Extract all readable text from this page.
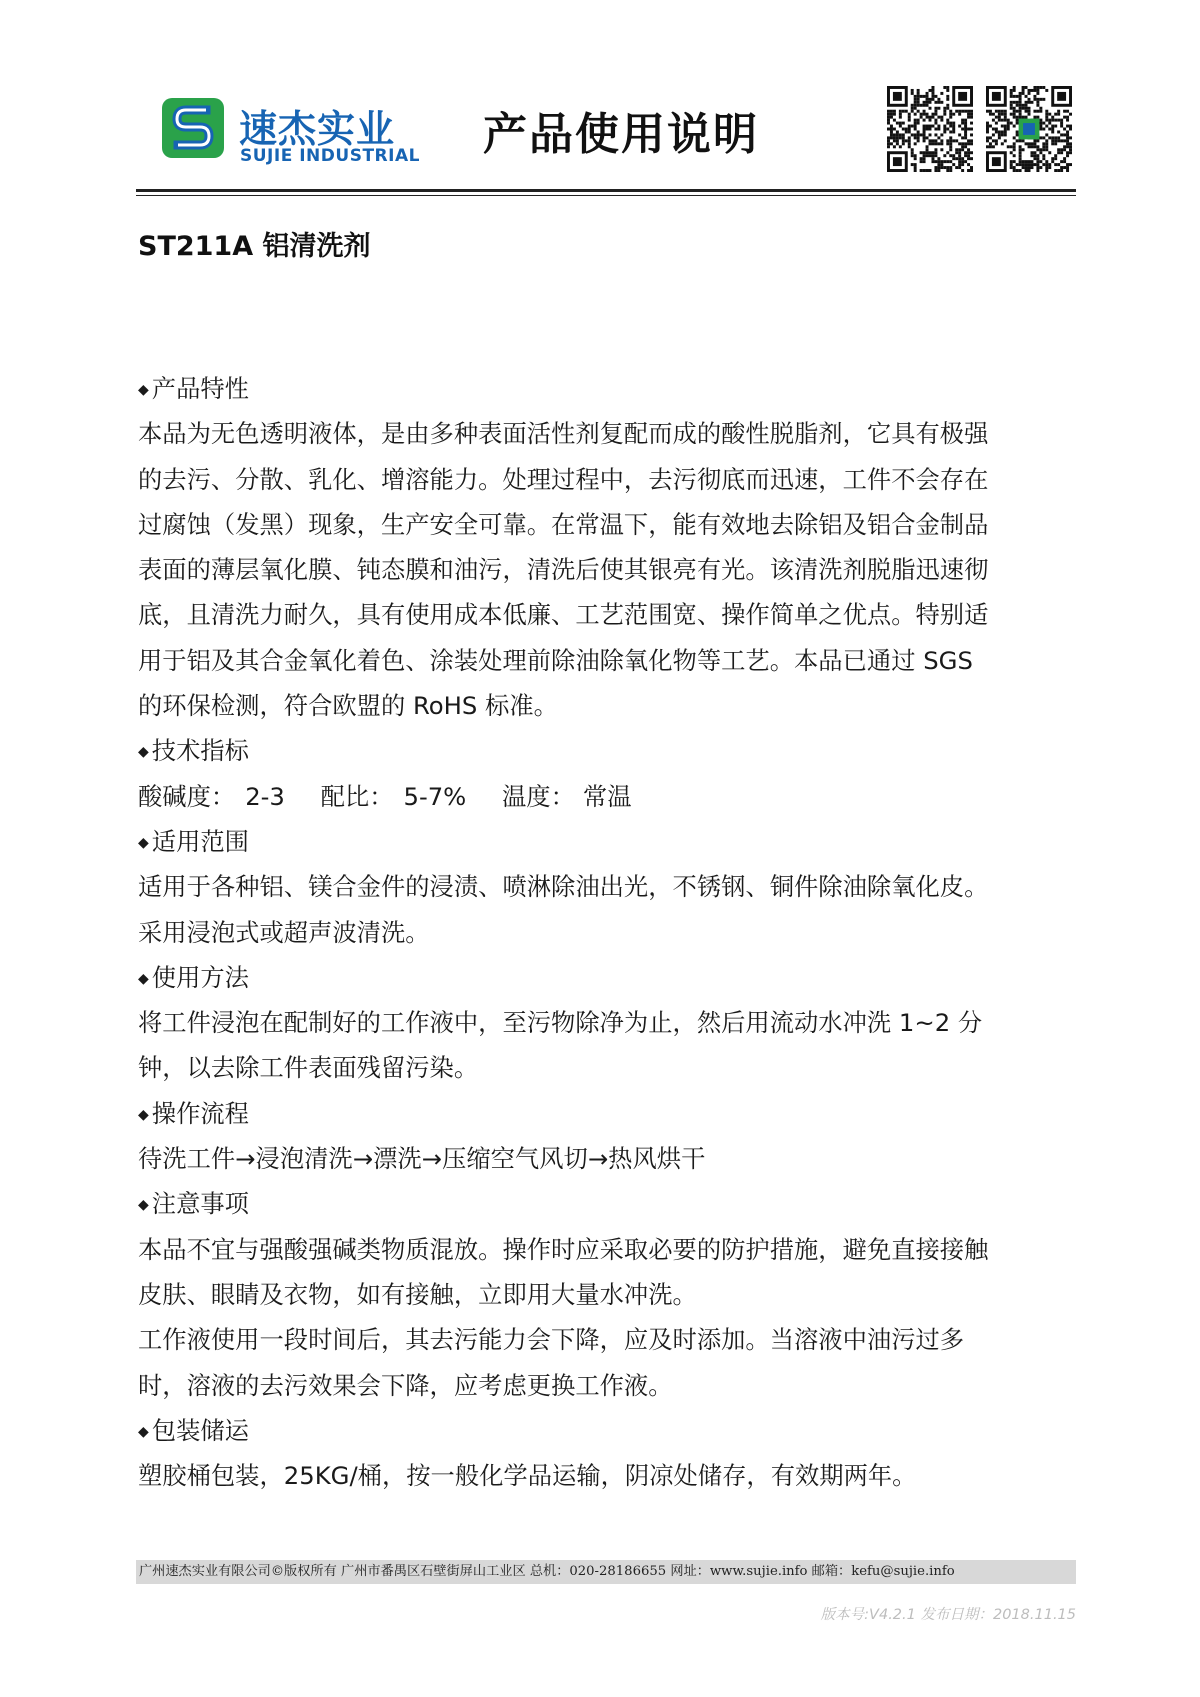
速杰实业
SUJIE INDUSTRIAL 产品使用说明
ST211A 铝清洗剂
◆ 产品特性
本品为无色透明液体，是由多种表面活性剂复配而成的酸性脱脂剂，它具有极强
的去污、分散、乳化、增溶能力。处理过程中，去污彻底而迅速，工件不会存在
过腐蚀（发黑）现象，生产安全可靠。在常温下，能有效地去除铝及铝合金制品
表面的薄层氧化膜、钝态膜和油污，清洗后使其银亮有光。该清洗剂脱脂迅速彻
底，且清洗力耐久，具有使用成本低廉、工艺范围宽、操作简单之优点。特别适
用于铝及其合金氧化着色、涂装处理前除油除氧化物等工艺。本品已通过 SGS
的环保检测，符合欧盟的 RoHS 标准。
◆ 技术指标
酸碱度： 2-3 配比： 5-7% 温度： 常温
◆ 适用范围
适用于各种铝、镁合金件的浸渍、喷淋除油出光，不锈钢、铜件除油除氧化皮。
采用浸泡式或超声波清洗。
◆ 使用方法
将工件浸泡在配制好的工作液中，至污物除净为止，然后用流动水冲洗 1~2 分
钟，以去除工件表面残留污染。
◆ 操作流程
待洗工件→浸泡清洗→漂洗→压缩空气风切→热风烘干
◆ 注意事项
本品不宜与强酸强碱类物质混放。操作时应采取必要的防护措施，避免直接接触
皮肤、眼睛及衣物，如有接触，立即用大量水冲洗。
工作液使用一段时间后，其去污能力会下降，应及时添加。当溶液中油污过多
时，溶液的去污效果会下降，应考虑更换工作液。
◆ 包装储运
塑胶桶包装，25KG/桶，按一般化学品运输，阴凉处储存，有效期两年。
广州速杰实业有限公司©版权所有 广州市番禺区石壁街屏山工业区 总机：020-28186655 网址：www.sujie.info 邮箱：kefu@sujie.info
版本号:V4.2.1 发布日期：2018.11.15
